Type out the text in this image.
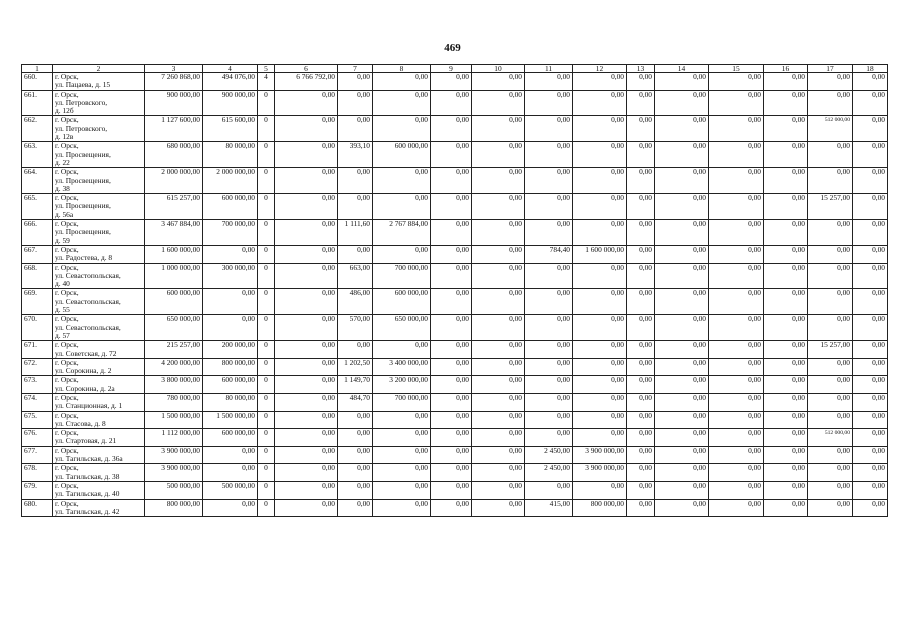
469
1	2	3	4	5	6	7	8	9	10	11	12	13	14	15	16	17	18
660.	г. Орск,
ул. Пацаева, д. 15	7 260 868,00	494 076,00	4	6 766 792,00	0,00	0,00	0,00	0,00	0,00	0,00	0,00	0,00	0,00	0,00	0,00	0,00
661.	г. Орск,
ул. Петровского,
д. 12б	900 000,00	900 000,00	0	0,00	0,00	0,00	0,00	0,00	0,00	0,00	0,00	0,00	0,00	0,00	0,00	0,00
662.	г. Орск,
ул. Петровского,
д. 12в	1 127 600,00	615 600,00	0	0,00	0,00	0,00	0,00	0,00	0,00	0,00	0,00	0,00	0,00	0,00	512 000,00	0,00
663.	г. Орск,
ул. Просвещения,
д. 22	680 000,00	80 000,00	0	0,00	393,10	600 000,00	0,00	0,00	0,00	0,00	0,00	0,00	0,00	0,00	0,00	0,00
664.	г. Орск,
ул. Просвещения,
д. 38	2 000 000,00	2 000 000,00	0	0,00	0,00	0,00	0,00	0,00	0,00	0,00	0,00	0,00	0,00	0,00	0,00	0,00
665.	г. Орск,
ул. Просвещения,
д. 56а	615 257,00	600 000,00	0	0,00	0,00	0,00	0,00	0,00	0,00	0,00	0,00	0,00	0,00	0,00	15 257,00	0,00
666.	г. Орск,
ул. Просвещения,
д. 59	3 467 884,00	700 000,00	0	0,00	1 111,60	2 767 884,00	0,00	0,00	0,00	0,00	0,00	0,00	0,00	0,00	0,00	0,00
667.	г. Орск,
ул. Радостева, д. 8	1 600 000,00	0,00	0	0,00	0,00	0,00	0,00	0,00	784,40	1 600 000,00	0,00	0,00	0,00	0,00	0,00	0,00
668.	г. Орск,
ул. Севастопольская,
д. 40	1 000 000,00	300 000,00	0	0,00	663,00	700 000,00	0,00	0,00	0,00	0,00	0,00	0,00	0,00	0,00	0,00	0,00
669.	г. Орск,
ул. Севастопольская,
д. 55	600 000,00	0,00	0	0,00	486,00	600 000,00	0,00	0,00	0,00	0,00	0,00	0,00	0,00	0,00	0,00	0,00
670.	г. Орск,
ул. Севастопольская,
д. 57	650 000,00	0,00	0	0,00	570,00	650 000,00	0,00	0,00	0,00	0,00	0,00	0,00	0,00	0,00	0,00	0,00
671.	г. Орск,
ул. Советская, д. 72	215 257,00	200 000,00	0	0,00	0,00	0,00	0,00	0,00	0,00	0,00	0,00	0,00	0,00	0,00	15 257,00	0,00
672.	г. Орск,
ул. Сорокина, д. 2	4 200 000,00	800 000,00	0	0,00	1 202,50	3 400 000,00	0,00	0,00	0,00	0,00	0,00	0,00	0,00	0,00	0,00	0,00
673.	г. Орск,
ул. Сорокина, д. 2а	3 800 000,00	600 000,00	0	0,00	1 149,70	3 200 000,00	0,00	0,00	0,00	0,00	0,00	0,00	0,00	0,00	0,00	0,00
674.	г. Орск,
ул. Станционная, д. 1	780 000,00	80 000,00	0	0,00	484,70	700 000,00	0,00	0,00	0,00	0,00	0,00	0,00	0,00	0,00	0,00	0,00
675.	г. Орск,
ул. Стасова, д. 8	1 500 000,00	1 500 000,00	0	0,00	0,00	0,00	0,00	0,00	0,00	0,00	0,00	0,00	0,00	0,00	0,00	0,00
676.	г. Орск,
ул. Стартовая, д. 21	1 112 000,00	600 000,00	0	0,00	0,00	0,00	0,00	0,00	0,00	0,00	0,00	0,00	0,00	0,00	512 000,00	0,00
677.	г. Орск,
ул. Тагильская, д. 36а	3 900 000,00	0,00	0	0,00	0,00	0,00	0,00	0,00	2 450,00	3 900 000,00	0,00	0,00	0,00	0,00	0,00	0,00
678.	г. Орск,
ул. Тагильская, д. 38	3 900 000,00	0,00	0	0,00	0,00	0,00	0,00	0,00	2 450,00	3 900 000,00	0,00	0,00	0,00	0,00	0,00	0,00
679.	г. Орск,
ул. Тагильская, д. 40	500 000,00	500 000,00	0	0,00	0,00	0,00	0,00	0,00	0,00	0,00	0,00	0,00	0,00	0,00	0,00	0,00
680.	г. Орск,
ул. Тагильская, д. 42	800 000,00	0,00	0	0,00	0,00	0,00	0,00	0,00	415,00	800 000,00	0,00	0,00	0,00	0,00	0,00	0,00
